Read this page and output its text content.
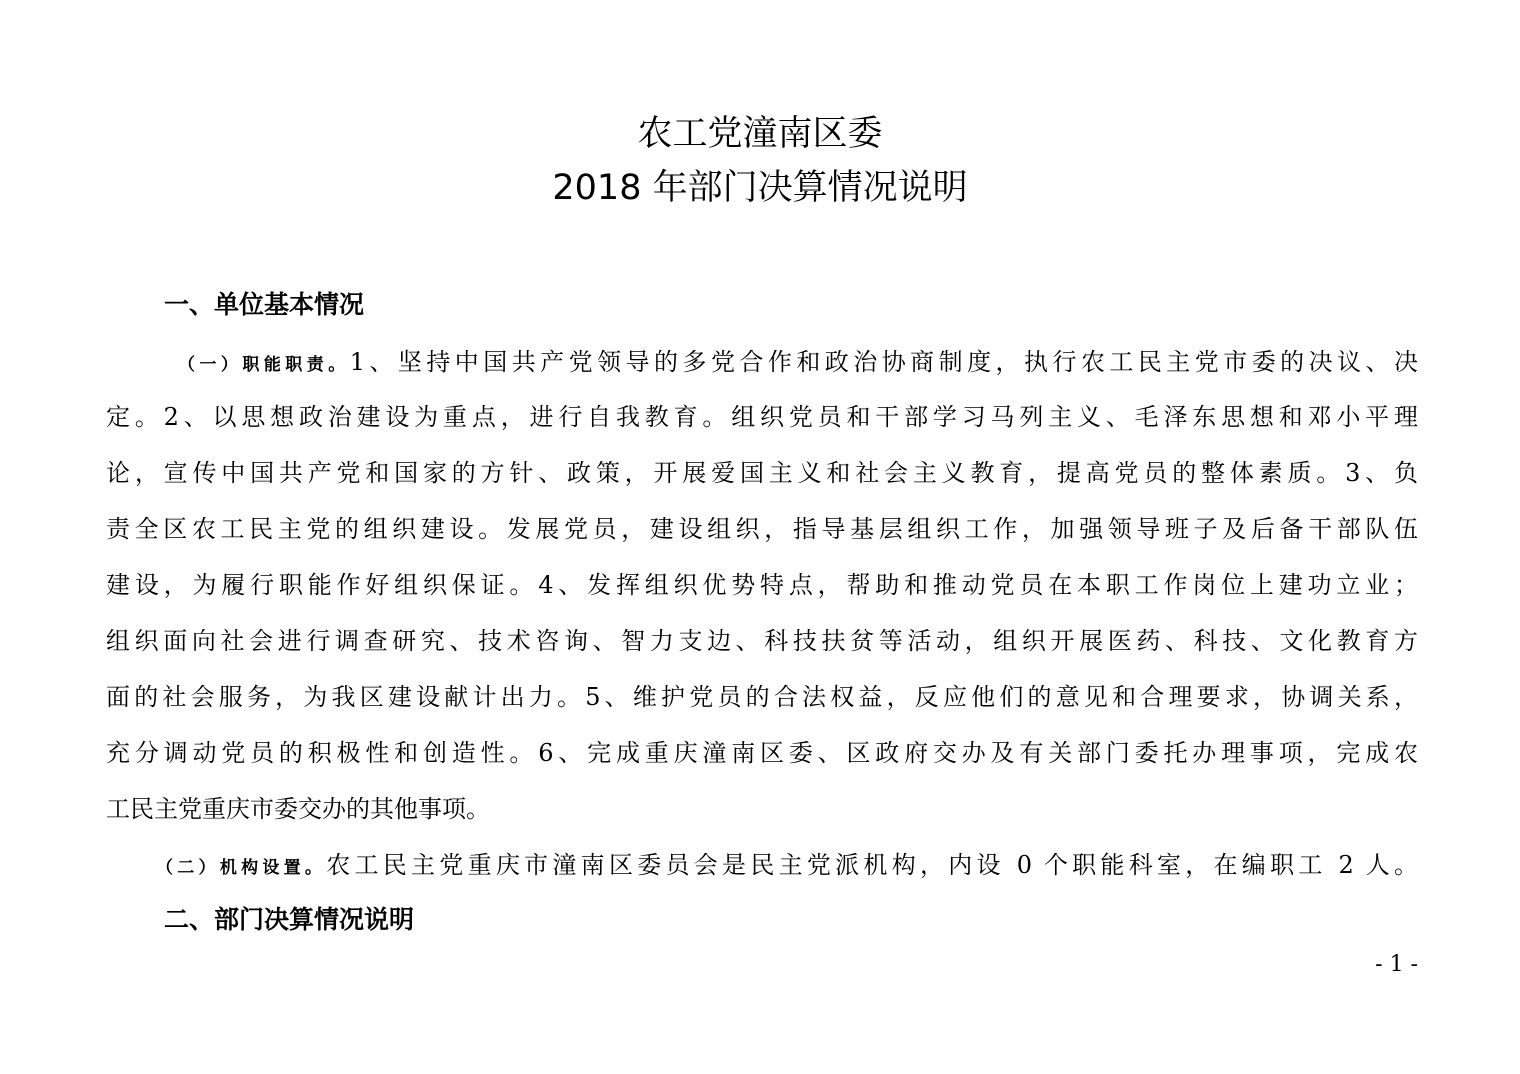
农工党潼南区委
2018 年部门决算情况说明
一、单位基本情况
（一）职能职责。1、坚持中国共产党领导的多党合作和政治协商制度，执行农工民主党市委的决议、决
定。2、以思想政治建设为重点，进行自我教育。组织党员和干部学习马列主义、毛泽东思想和邓小平理
论，宣传中国共产党和国家的方针、政策，开展爱国主义和社会主义教育，提高党员的整体素质。3、负
责全区农工民主党的组织建设。发展党员，建设组织，指导基层组织工作，加强领导班子及后备干部队伍
建设，为履行职能作好组织保证。4、发挥组织优势特点，帮助和推动党员在本职工作岗位上建功立业；
组织面向社会进行调查研究、技术咨询、智力支边、科技扶贫等活动，组织开展医药、科技、文化教育方
面的社会服务，为我区建设献计出力。5、维护党员的合法权益，反应他们的意见和合理要求，协调关系，
充分调动党员的积极性和创造性。6、完成重庆潼南区委、区政府交办及有关部门委托办理事项，完成农
工民主党重庆市委交办的其他事项。
（二）机构设置。农工民主党重庆市潼南区委员会是民主党派机构，内设 0 个职能科室，在编职工 2 人。
二、部门决算情况说明
- 1 -
